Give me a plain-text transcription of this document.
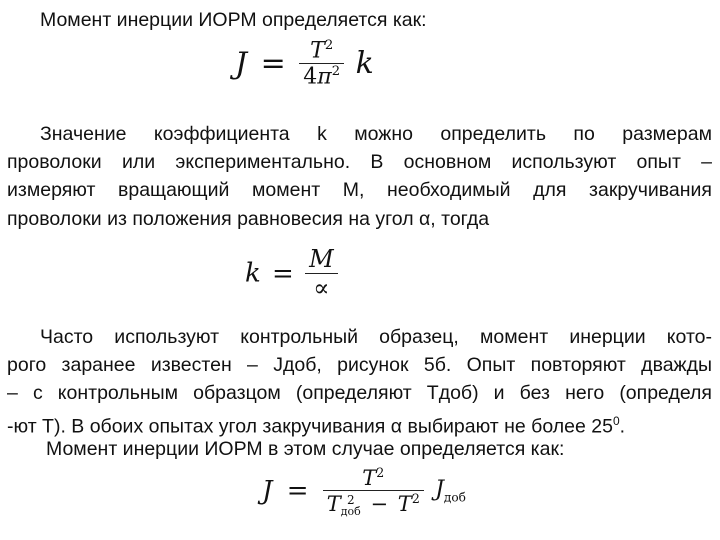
Момент инерции ИОРМ определяется как:
$J = \frac{T^2}{4\pi^2}$ k
Значение коэффициента k можно определить по размерам
проволоки или экспериментально. В основном используют опыт –
измеряют вращающий момент М, необходимый для закручивания
проволоки из положения равновесия на угол α, тогда
$k = \frac{M}{\propto}$
Часто используют контрольный образец, момент инерции кото-
рого заранее известен – Jдоб, рисунок 5б. Опыт повторяют дважды
– с контрольным образцом (определяют Тдоб) и без него (определя
-ют Т). В обоих опытах угол закручивания α выбирают не более $25^0$.
Момент инерции ИОРМ в этом случае определяется как:
$J = T^2$
T 2
доб − $T^2$ $J_{доб}$
